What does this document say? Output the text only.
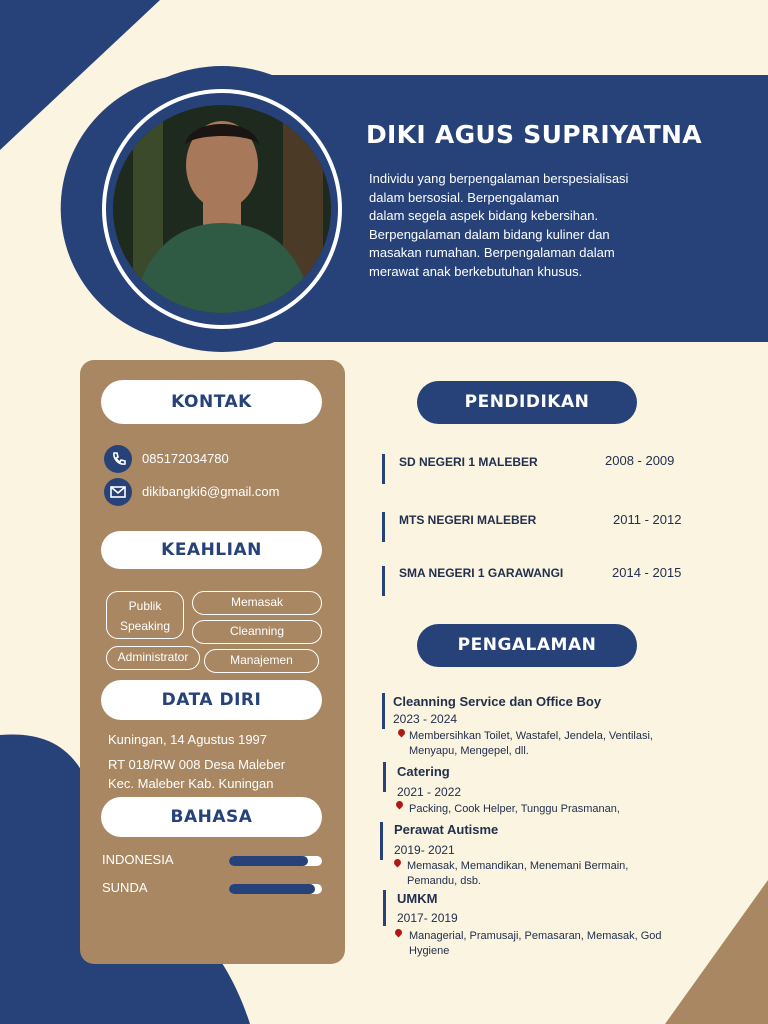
DIKI AGUS SUPRIYATNA
Individu yang berpengalaman berspesialisasi
dalam bersosial. Berpengalaman
dalam segela aspek bidang kebersihan.
Berpengalaman dalam bidang kuliner dan
masakan rumahan. Berpengalaman dalam
merawat anak berkebutuhan khusus.
KONTAK
085172034780
dikibangki6@gmail.com
KEAHLIAN
Publik
Speaking
Memasak
Cleanning
Administrator	Manajemen
DATA DIRI
Kuningan, 14 Agustus 1997
RT 018/RW 008 Desa Maleber
Kec. Maleber Kab. Kuningan
BAHASA
INDONESIA
SUNDA
PENDIDIKAN
SD NEGERI 1 MALEBER	2008 - 2009
MTS NEGERI MALEBER	2011 - 2012
SMA NEGERI 1 GARAWANGI	2014 - 2015
PENGALAMAN
Cleanning Service dan Office Boy
2023 - 2024
Membersihkan Toilet, Wastafel, Jendela, Ventilasi,
Menyapu, Mengepel, dll.
Catering
2021 - 2022
Packing, Cook Helper, Tunggu Prasmanan,
Perawat Autisme
2019- 2021
Memasak, Memandikan, Menemani Bermain,
Pemandu, dsb.
UMKM
2017- 2019
Managerial, Pramusaji, Pemasaran, Memasak, God
Hygiene
